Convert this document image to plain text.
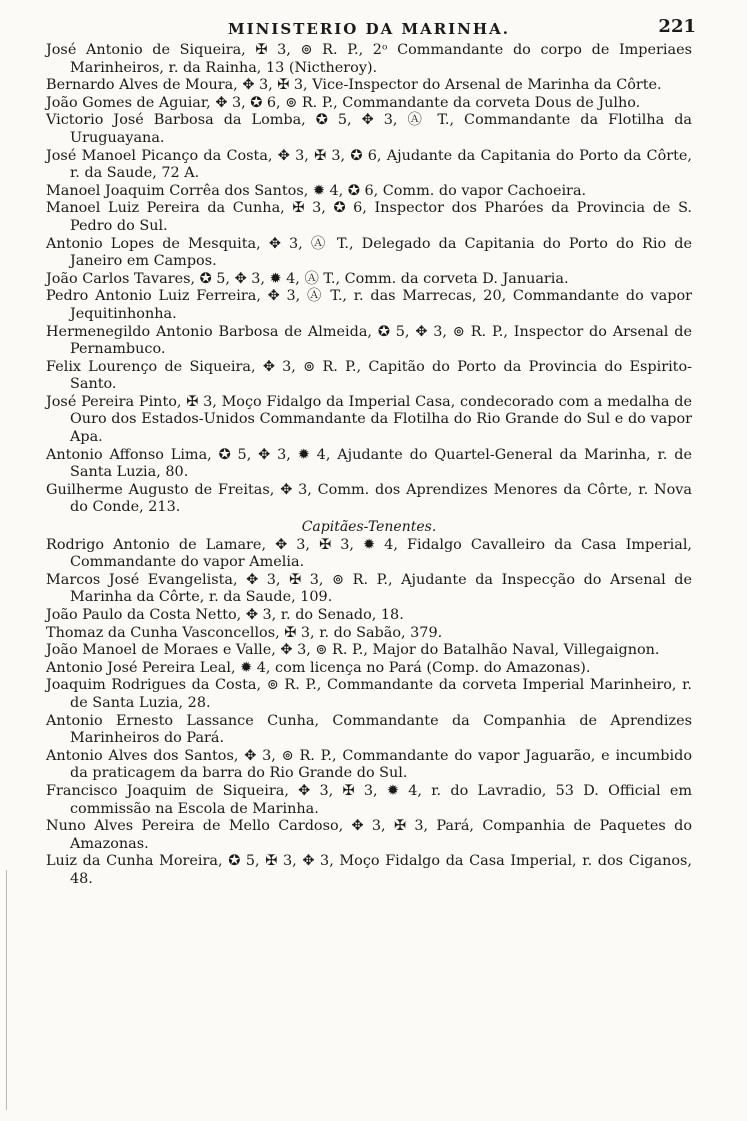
MINISTERIO DA MARINHA.	221

José Antonio de Siqueira, ✠ 3, ⊚ R. P., 2ᵒ Commandante do corpo de Imperiaes Marinheiros, r. da Rainha, 13 (Nictheroy).

Bernardo Alves de Moura, ✥ 3, ✠ 3, Vice-Inspector do Arsenal de Marinha da Côrte.

João Gomes de Aguiar, ✥ 3, ✪ 6, ⊚ R. P., Commandante da corveta Dous de Julho.

Victorio José Barbosa da Lomba, ✪ 5, ✥ 3, Ⓐ T., Commandante da Flotilha da Uruguayana.

José Manoel Picanço da Costa, ✥ 3, ✠ 3, ✪ 6, Ajudante da Capitania do Porto da Côrte, r. da Saude, 72 A.

Manoel Joaquim Corrêa dos Santos, ✹ 4, ✪ 6, Comm. do vapor Cachoeira.

Manoel Luiz Pereira da Cunha, ✠ 3, ✪ 6, Inspector dos Pharóes da Provincia de S. Pedro do Sul.

Antonio Lopes de Mesquita, ✥ 3, Ⓐ T., Delegado da Capitania do Porto do Rio de Janeiro em Campos.

João Carlos Tavares, ✪ 5, ✥ 3, ✹ 4, Ⓐ T., Comm. da corveta D. Januaria.

Pedro Antonio Luiz Ferreira, ✥ 3, Ⓐ T., r. das Marrecas, 20, Commandante do vapor Jequitinhonha.

Hermenegildo Antonio Barbosa de Almeida, ✪ 5, ✥ 3, ⊚ R. P., Inspector do Arsenal de Pernambuco.

Felix Lourenço de Siqueira, ✥ 3, ⊚ R. P., Capitão do Porto da Provincia do Espirito-Santo.

José Pereira Pinto, ✠ 3, Moço Fidalgo da Imperial Casa, condecorado com a medalha de Ouro dos Estados-Unidos Commandante da Flotilha do Rio Grande do Sul e do vapor Apa.

Antonio Affonso Lima, ✪ 5, ✥ 3, ✹ 4, Ajudante do Quartel-General da Marinha, r. de Santa Luzia, 80.

Guilherme Augusto de Freitas, ✥ 3, Comm. dos Aprendizes Menores da Côrte, r. Nova do Conde, 213.

Capitães-Tenentes.

Rodrigo Antonio de Lamare, ✥ 3, ✠ 3, ✹ 4, Fidalgo Cavalleiro da Casa Imperial, Commandante do vapor Amelia.

Marcos José Evangelista, ✥ 3, ✠ 3, ⊚ R. P., Ajudante da Inspecção do Arsenal de Marinha da Côrte, r. da Saude, 109.

João Paulo da Costa Netto, ✥ 3, r. do Senado, 18.

Thomaz da Cunha Vasconcellos, ✠ 3, r. do Sabão, 379.

João Manoel de Moraes e Valle, ✥ 3, ⊚ R. P., Major do Batalhão Naval, Villegaignon.

Antonio José Pereira Leal, ✹ 4, com licença no Pará (Comp. do Amazonas).

Joaquim Rodrigues da Costa, ⊚ R. P., Commandante da corveta Imperial Marinheiro, r. de Santa Luzia, 28.

Antonio Ernesto Lassance Cunha, Commandante da Companhia de Aprendizes Marinheiros do Pará.

Antonio Alves dos Santos, ✥ 3, ⊚ R. P., Commandante do vapor Jaguarão, e incumbido da praticagem da barra do Rio Grande do Sul.

Francisco Joaquim de Siqueira, ✥ 3, ✠ 3, ✹ 4, r. do Lavradio, 53 D. Official em commissão na Escola de Marinha.

Nuno Alves Pereira de Mello Cardoso, ✥ 3, ✠ 3, Pará, Companhia de Paquetes do Amazonas.

Luiz da Cunha Moreira, ✪ 5, ✠ 3, ✥ 3, Moço Fidalgo da Casa Imperial, r. dos Ciganos, 48.
